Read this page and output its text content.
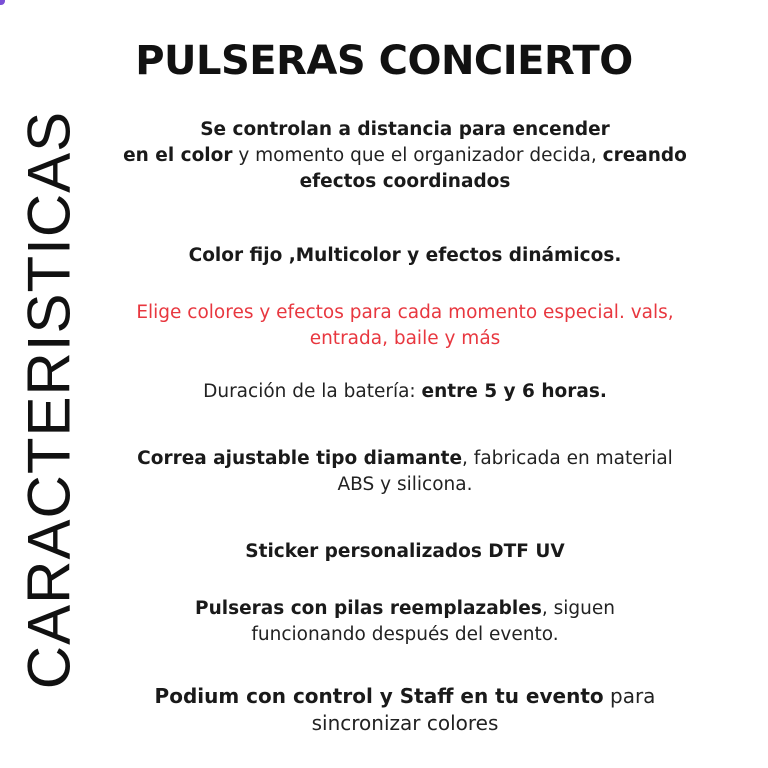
PULSERAS CONCIERTO
CARACTERISTICAS	Se controlan a distancia para encender
en el color y momento que el organizador decida, creando
efectos coordinados
Color fijo ,Multicolor y efectos dinámicos.
Elige colores y efectos para cada momento especial. vals,
entrada, baile y más
Duración de la batería: entre 5 y 6 horas.
Correa ajustable tipo diamante, fabricada en material
ABS y silicona.
Sticker personalizados DTF UV
Pulseras con pilas reemplazables, siguen
funcionando después del evento.
Podium con control y Staff en tu evento para
sincronizar colores
